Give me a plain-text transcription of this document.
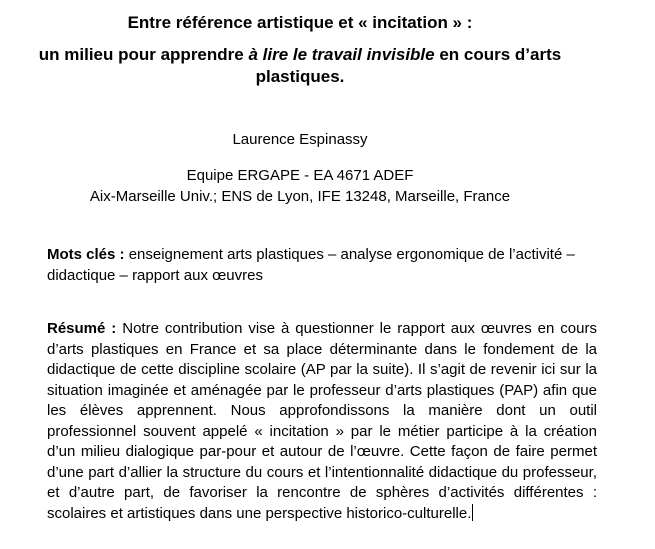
Entre référence artistique et « incitation » :
un milieu pour apprendre à lire le travail invisible en cours d’arts plastiques.
Laurence Espinassy
Equipe ERGAPE - EA 4671 ADEF
Aix-Marseille Univ.; ENS de Lyon, IFE 13248, Marseille, France
Mots clés : enseignement arts plastiques – analyse ergonomique de l’activité – didactique – rapport aux œuvres
Résumé : Notre contribution vise à questionner le rapport aux œuvres en cours d’arts plastiques en France et sa place déterminante dans le fondement de la didactique de cette discipline scolaire (AP par la suite). Il s’agit de revenir ici sur la situation imaginée et aménagée par le professeur d’arts plastiques (PAP) afin que les élèves apprennent. Nous approfondissons la manière dont un outil professionnel souvent appelé « incitation » par le métier participe à la création d’un milieu dialogique par-pour et autour de l’œuvre. Cette façon de faire permet d’une part d’allier la structure du cours et l’intentionnalité didactique du professeur, et d’autre part, de favoriser la rencontre de sphères d’activités différentes : scolaires et artistiques dans une perspective historico-culturelle.
